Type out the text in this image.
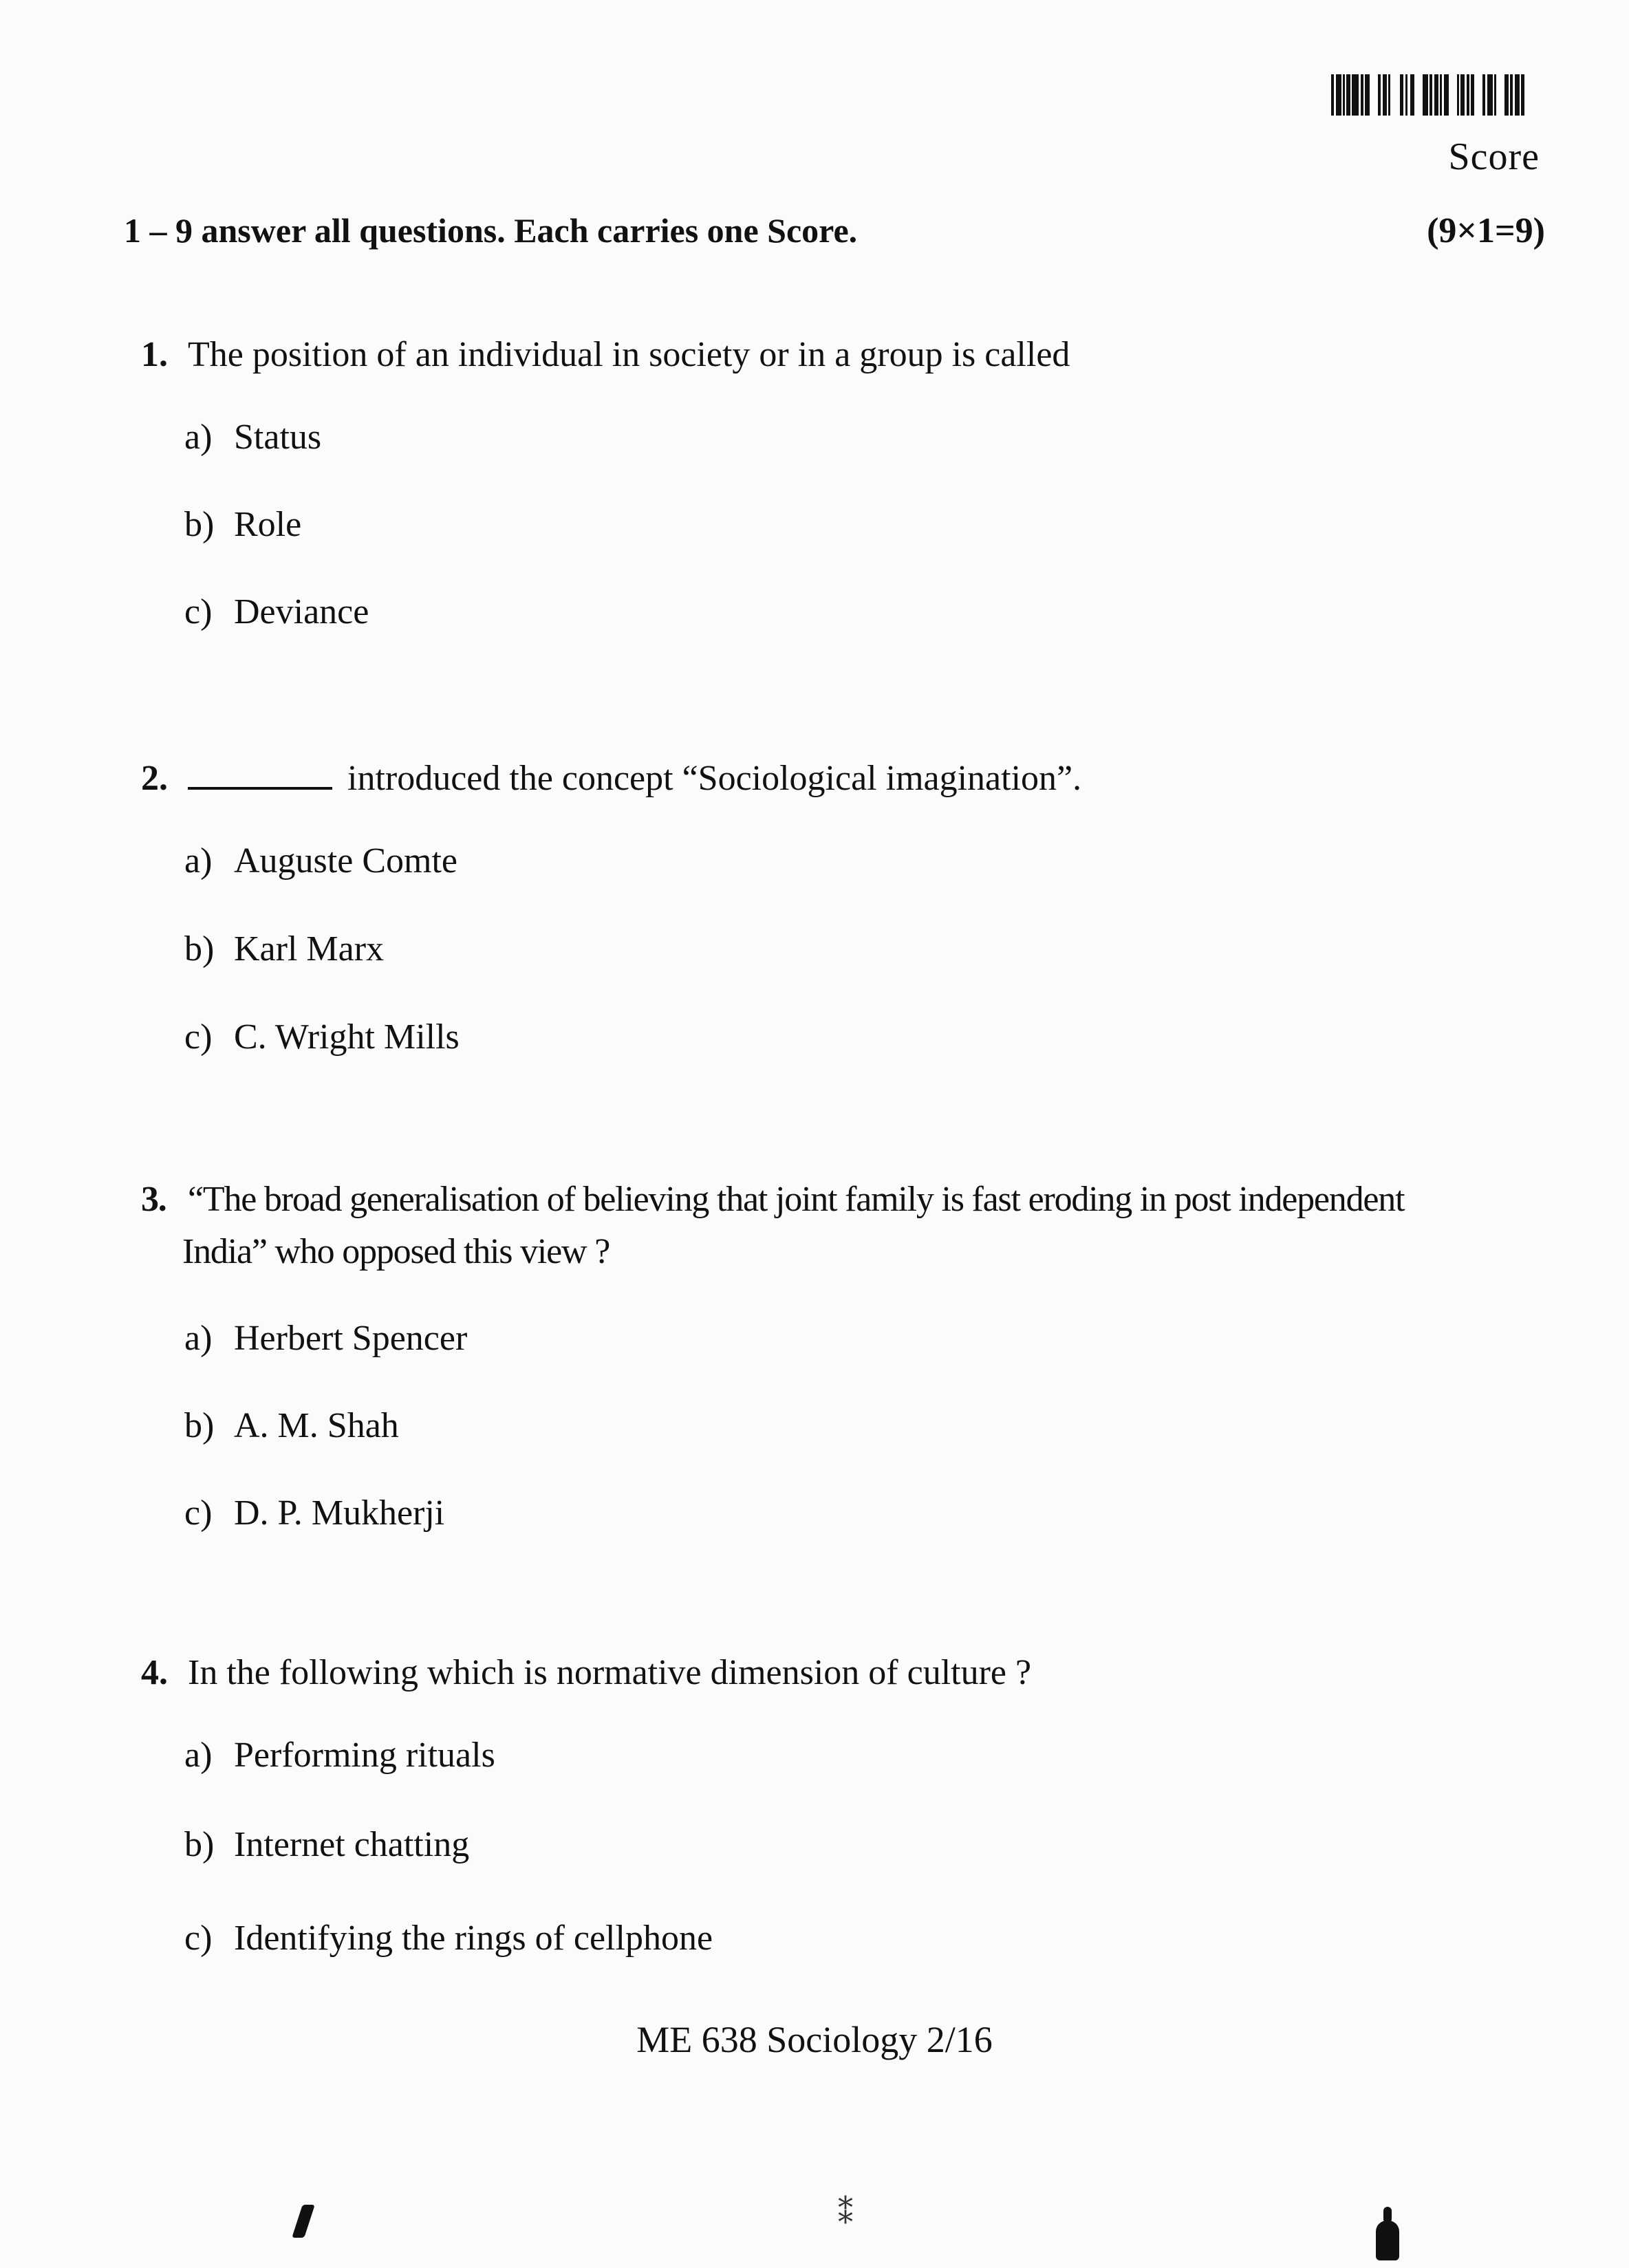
Score
1 – 9 answer all questions. Each carries one Score.	(9×1=9)
1. The position of an individual in society or in a group is called
a) Status
b) Role
c) Deviance
2.	introduced the concept “Sociological imagination”.
a) Auguste Comte
b) Karl Marx
c) C. Wright Mills
3. “The broad generalisation of believing that joint family is fast eroding in post independent
India” who opposed this view ?
a) Herbert Spencer
b) A. M. Shah
c) D. P. Mukherji
4. In the following which is normative dimension of culture ?
a) Performing rituals
b) Internet chatting
c) Identifying the rings of cellphone
ME 638 Sociology 2/16
⁑
